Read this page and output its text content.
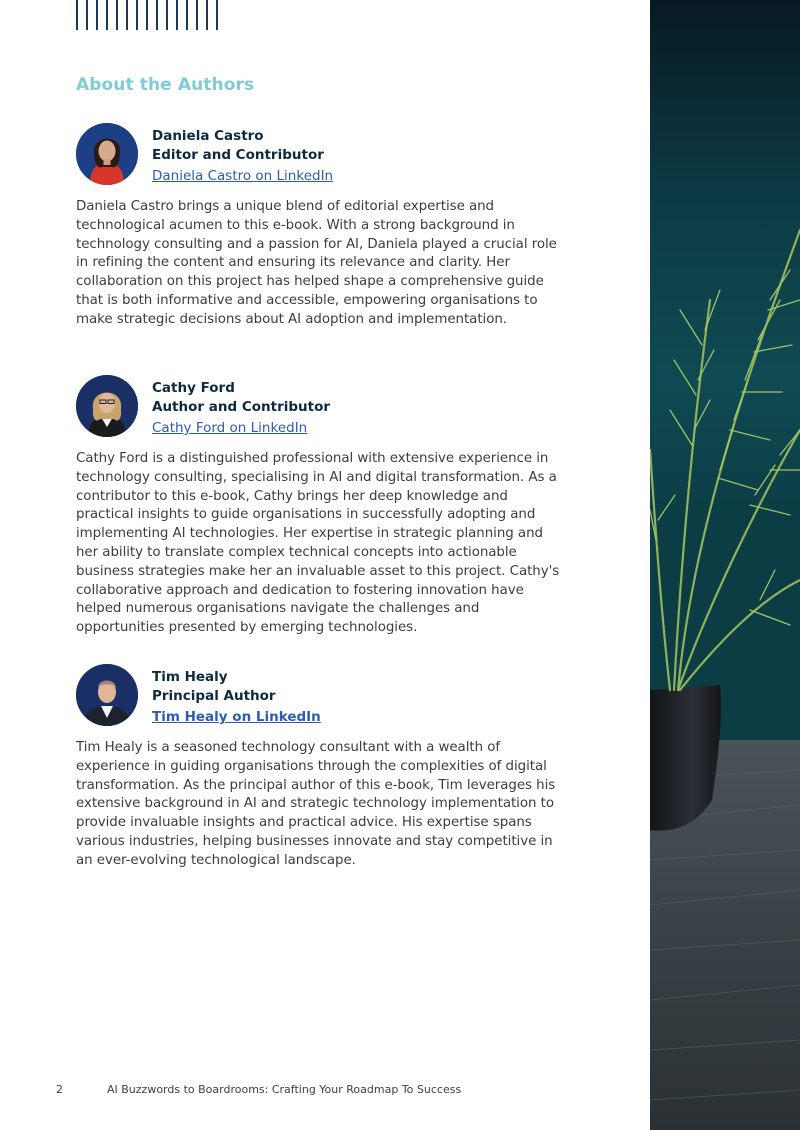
About the Authors
Daniela Castro
Editor and Contributor
Daniela Castro on LinkedIn

Daniela Castro brings a unique blend of editorial expertise and technological acumen to this e-book. With a strong background in technology consulting and a passion for AI, Daniela played a crucial role in refining the content and ensuring its relevance and clarity. Her collaboration on this project has helped shape a comprehensive guide that is both informative and accessible, empowering organisations to make strategic decisions about AI adoption and implementation.

Cathy Ford
Author and Contributor
Cathy Ford on LinkedIn

Cathy Ford is a distinguished professional with extensive experience in technology consulting, specialising in AI and digital transformation. As a contributor to this e-book, Cathy brings her deep knowledge and practical insights to guide organisations in successfully adopting and implementing AI technologies. Her expertise in strategic planning and her ability to translate complex technical concepts into actionable business strategies make her an invaluable asset to this project. Cathy's collaborative approach and dedication to fostering innovation have helped numerous organisations navigate the challenges and opportunities presented by emerging technologies.

Tim Healy
Principal Author
Tim Healy on LinkedIn

Tim Healy is a seasoned technology consultant with a wealth of experience in guiding organisations through the complexities of digital transformation. As the principal author of this e-book, Tim leverages his extensive background in AI and strategic technology implementation to provide invaluable insights and practical advice. His expertise spans various industries, helping businesses innovate and stay competitive in an ever-evolving technological landscape.

2	AI Buzzwords to Boardrooms: Crafting Your Roadmap To Success
